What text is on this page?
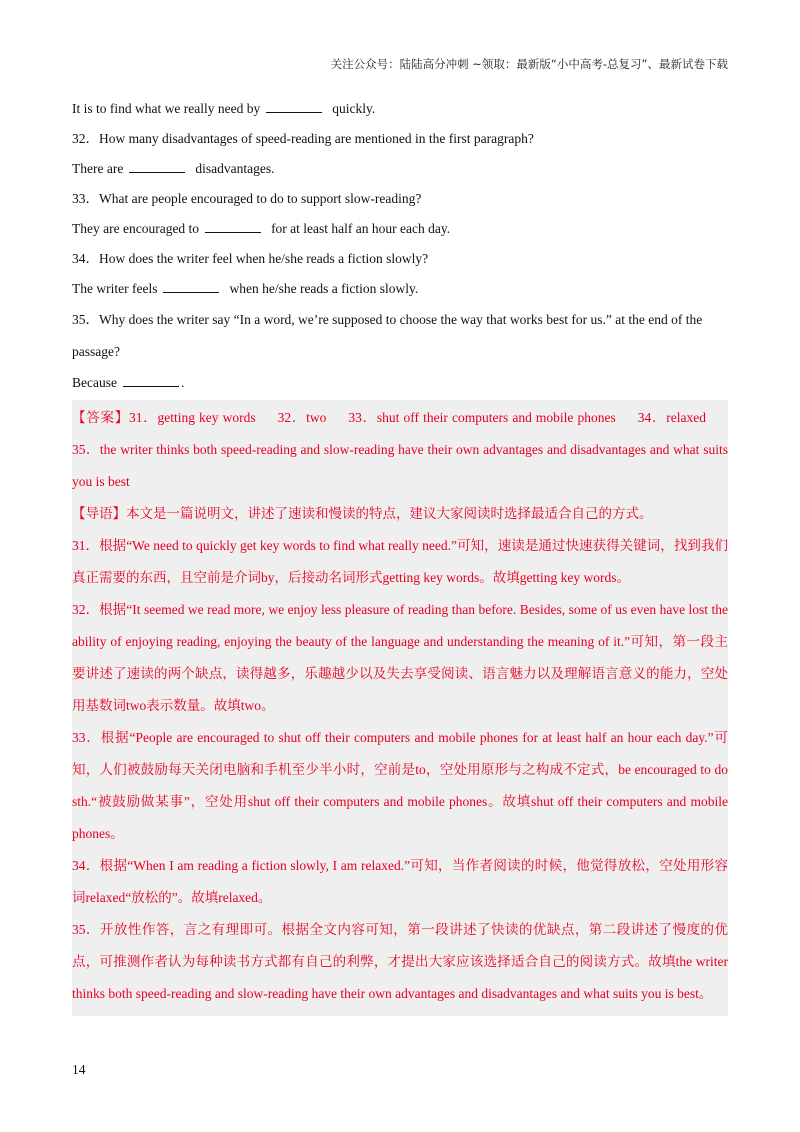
关注公众号：陆陆高分冲刺 ~领取：最新版“小中高考-总复习”、最新试卷下载

It is to find what we really need by	quickly.

32．How many disadvantages of speed-reading are mentioned in the first paragraph?

There are	disadvantages.

33．What are people encouraged to do to support slow-reading?

They are encouraged to	for at least half an hour each day.

34．How does the writer feel when he/she reads a fiction slowly?

The writer feels	when he/she reads a fiction slowly.

35．Why does the writer say “In a word, we’re supposed to choose the way that works best for us.” at the end of the passage?

Because	.

【答案】31．getting key words 32．two 33．shut off their computers and mobile phones 34．relaxed35．the writer thinks both speed-reading and slow-reading have their own advantages and disadvantages and what suits you is best

【导语】本文是一篇说明文，讲述了速读和慢读的特点，建议大家阅读时选择最适合自己的方式。

31．根据“We need to quickly get key words to find what really need.”可知，速读是通过快速获得关键词，找到我们真正需要的东西，且空前是介词by，后接动名词形式getting key words。故填getting key words。

32．根据“It seemed we read more, we enjoy less pleasure of reading than before. Besides, some of us even have lost the ability of enjoying reading, enjoying the beauty of the language and understanding the meaning of it.”可知，第一段主要讲述了速读的两个缺点，读得越多，乐趣越少以及失去享受阅读、语言魅力以及理解语言意义的能力，空处用基数词two表示数量。故填two。

33．根据“People are encouraged to shut off their computers and mobile phones for at least half an hour each day.”可知，人们被鼓励每天关闭电脑和手机至少半小时，空前是to，空处用原形与之构成不定式，be encouraged to do sth.“被鼓励做某事”，空处用shut off their computers and mobile phones。故填shut off their computers and mobile phones。

34．根据“When I am reading a fiction slowly, I am relaxed.”可知，当作者阅读的时候，他觉得放松，空处用形容词relaxed“放松的”。故填relaxed。

35．开放性作答，言之有理即可。根据全文内容可知，第一段讲述了快读的优缺点，第二段讲述了慢度的优点，可推测作者认为每种读书方式都有自己的利弊，才提出大家应该选择适合自己的阅读方式。故填the writer thinks both speed-reading and slow-reading have their own advantages and disadvantages and what suits you is best。

14
